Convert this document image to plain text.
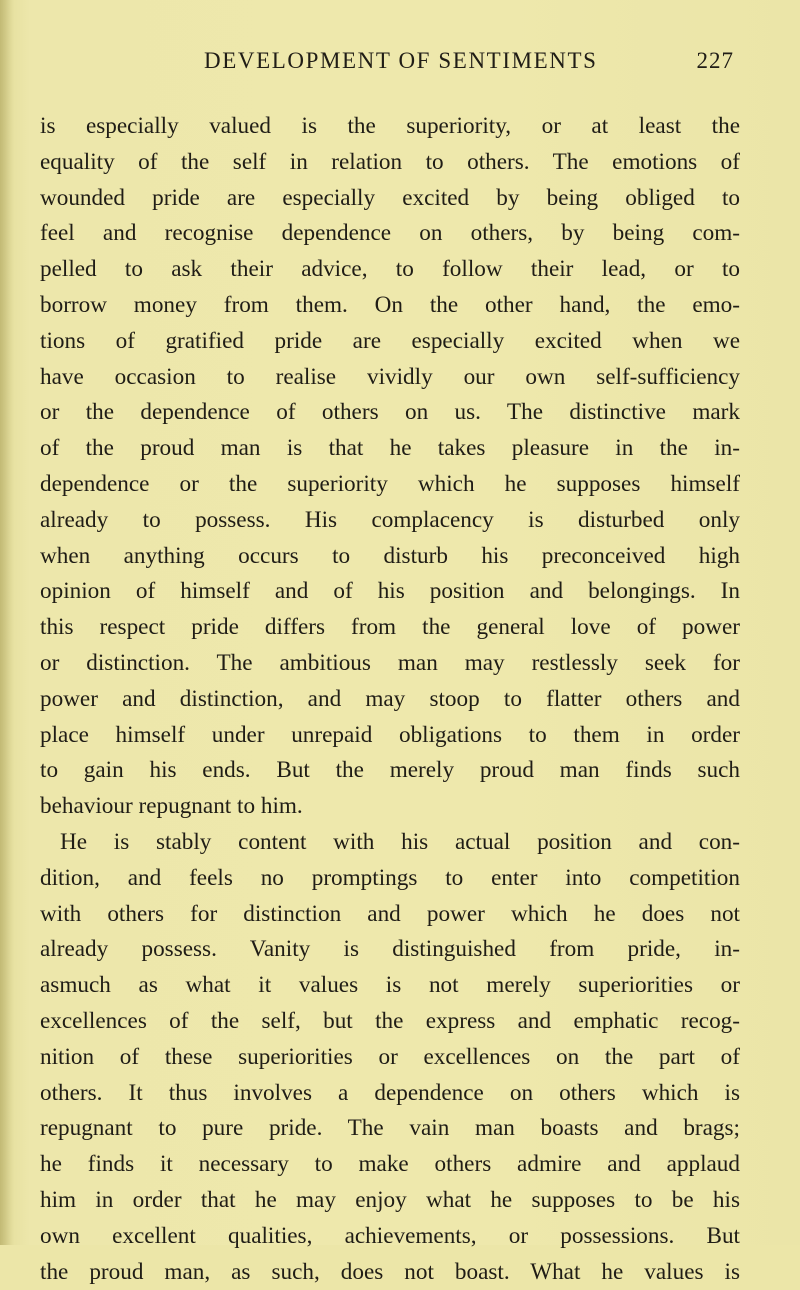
DEVELOPMENT OF SENTIMENTS	227
is especially valued is the superiority, or at least the
equality of the self in relation to others. The emotions of
wounded pride are especially excited by being obliged to
feel and recognise dependence on others, by being com-
pelled to ask their advice, to follow their lead, or to
borrow money from them. On the other hand, the emo-
tions of gratified pride are especially excited when we
have occasion to realise vividly our own self-sufficiency
or the dependence of others on us. The distinctive mark
of the proud man is that he takes pleasure in the in-
dependence or the superiority which he supposes himself
already to possess. His complacency is disturbed only
when anything occurs to disturb his preconceived high
opinion of himself and of his position and belongings. In
this respect pride differs from the general love of power
or distinction. The ambitious man may restlessly seek for
power and distinction, and may stoop to flatter others and
place himself under unrepaid obligations to them in order
to gain his ends. But the merely proud man finds such
behaviour repugnant to him.
He is stably content with his actual position and con-
dition, and feels no promptings to enter into competition
with others for distinction and power which he does not
already possess. Vanity is distinguished from pride, in-
asmuch as what it values is not merely superiorities or
excellences of the self, but the express and emphatic recog-
nition of these superiorities or excellences on the part of
others. It thus involves a dependence on others which is
repugnant to pure pride. The vain man boasts and brags;
he finds it necessary to make others admire and applaud
him in order that he may enjoy what he supposes to be his
own excellent qualities, achievements, or possessions. But
the proud man, as such, does not boast. What he values is
